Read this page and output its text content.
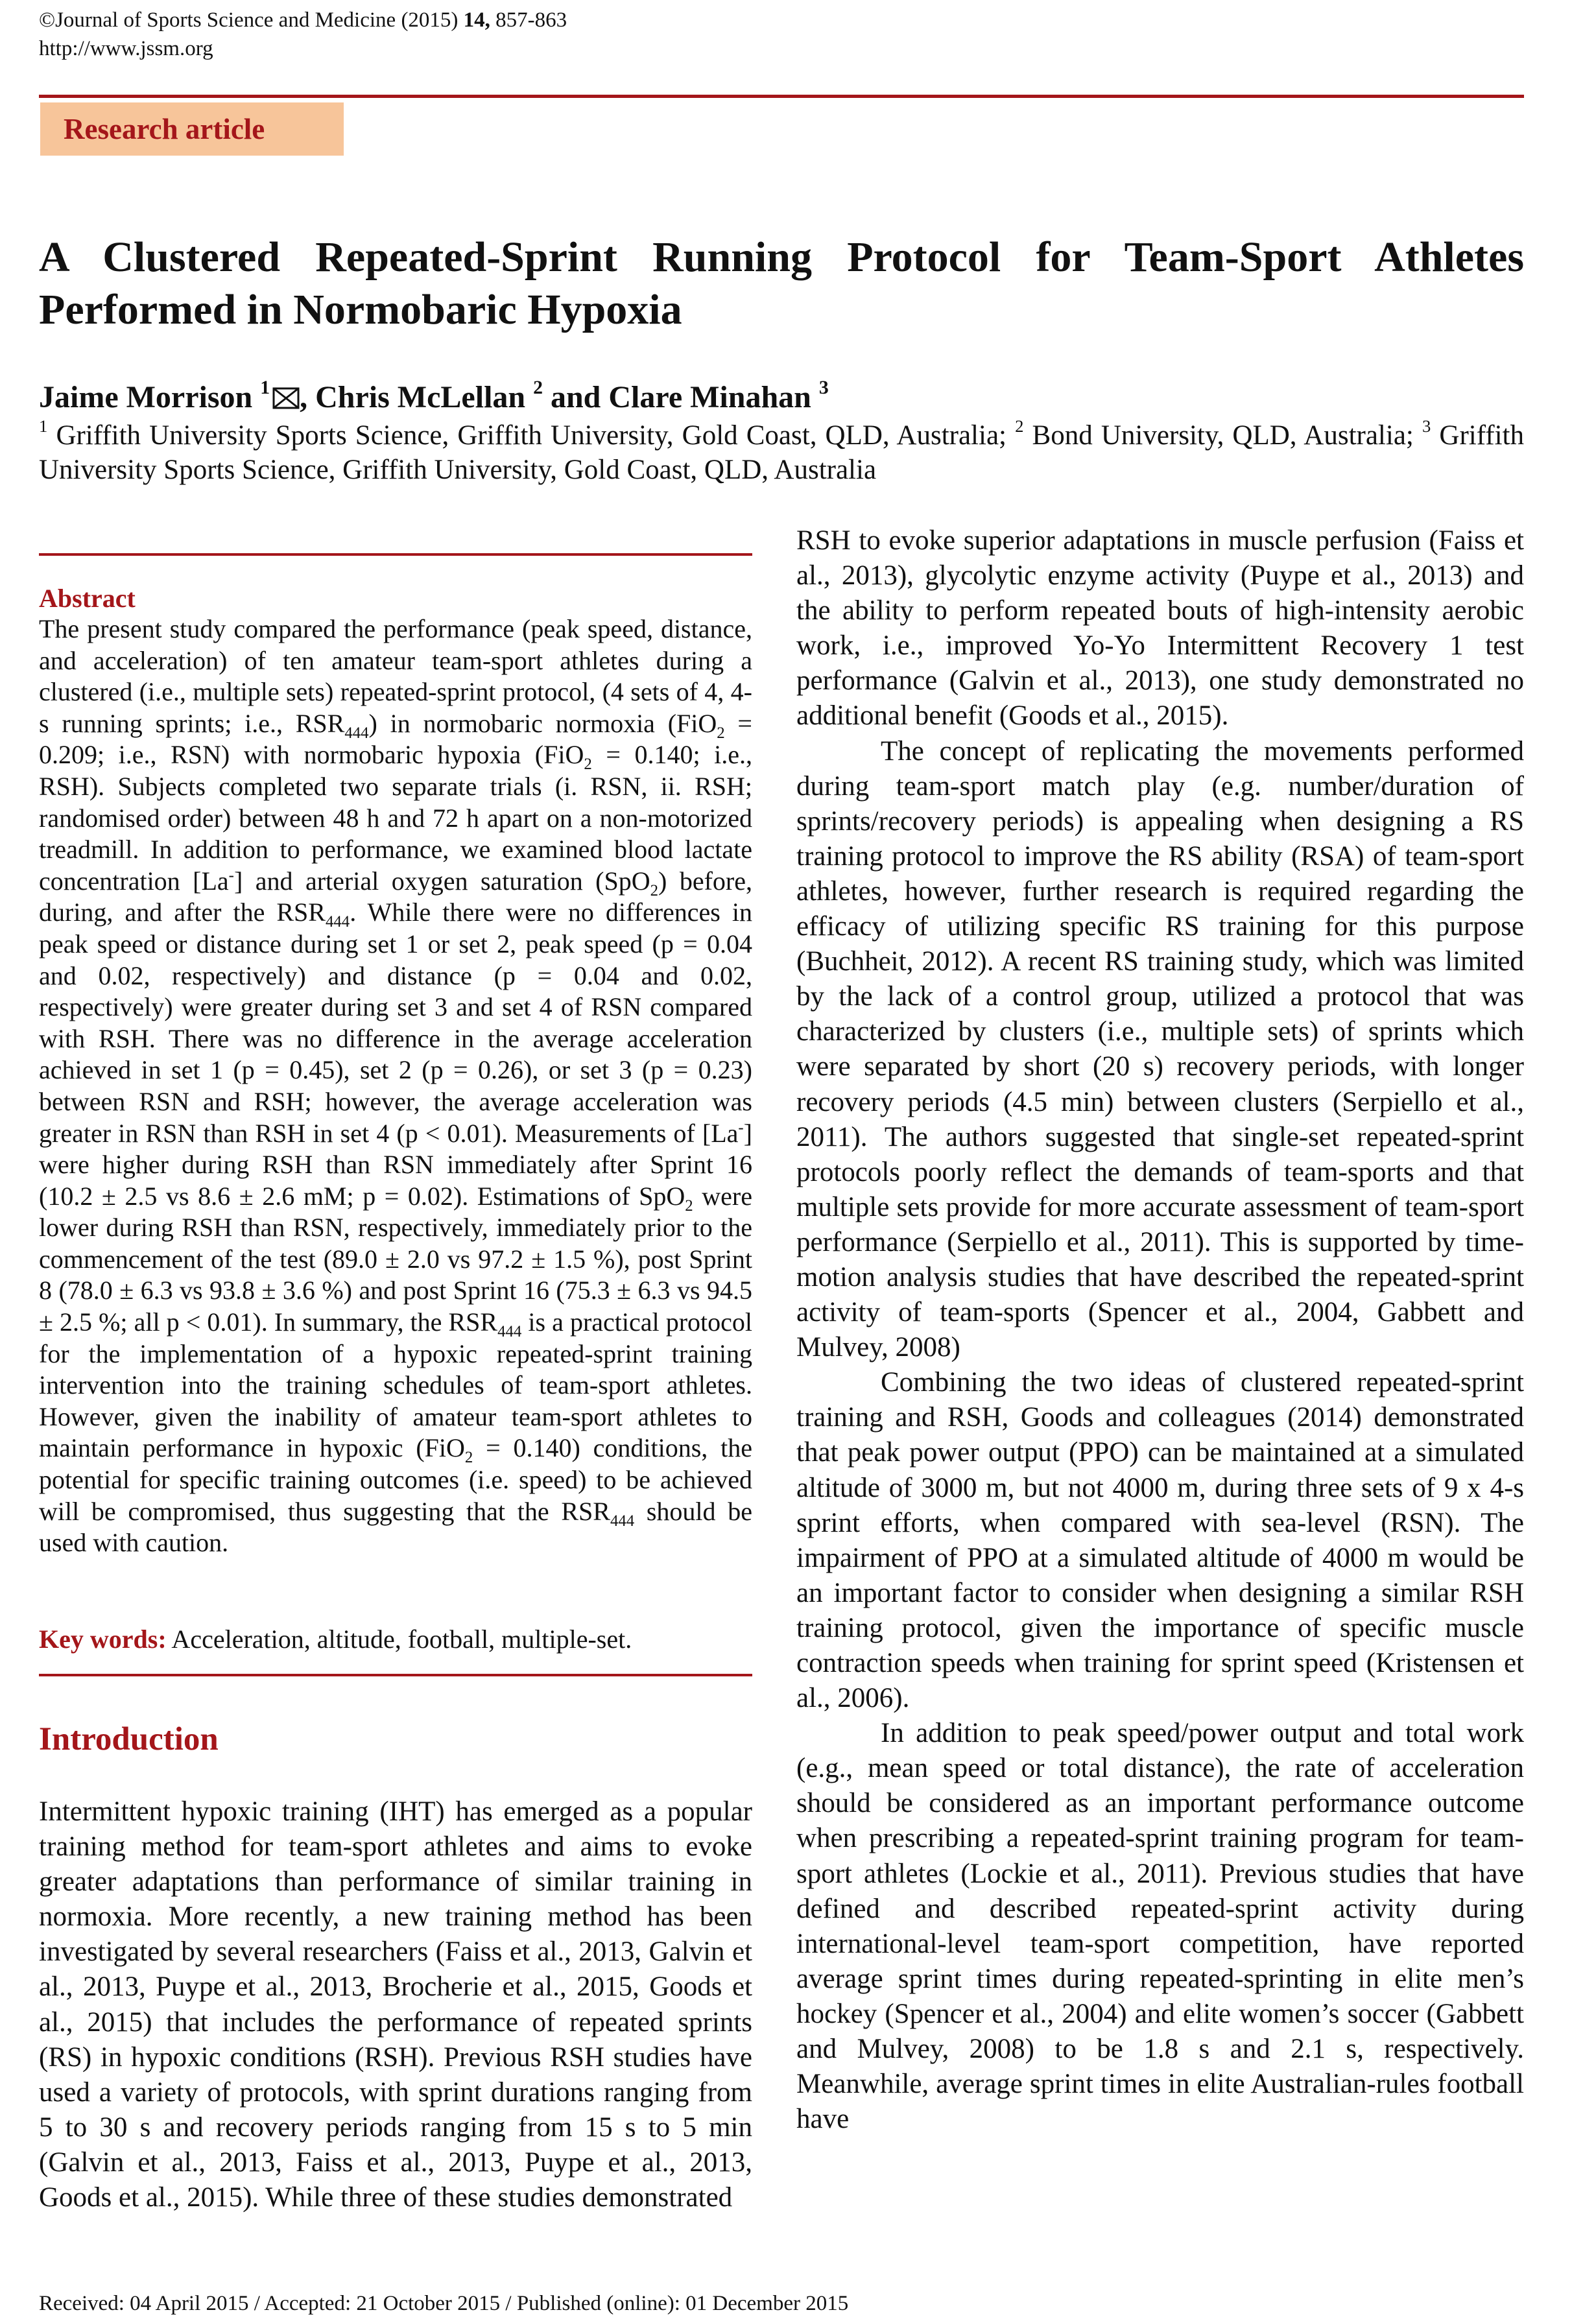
©Journal of Sports Science and Medicine (2015) 14, 857-863
http://www.jssm.org
Research article
A Clustered Repeated-Sprint Running Protocol for Team-Sport Athletes Performed in Normobaric Hypoxia
Jaime Morrison $^1$ , Chris McLellan $^2$ and Clare Minahan $^3$
$^1$ Griffith University Sports Science, Griffith University, Gold Coast, QLD, Australia; $^2$ Bond University, QLD, Australia; $^3$ Griffith University Sports Science, Griffith University, Gold Coast, QLD, Australia
Abstract
The present study compared the performance (peak speed, distance, and acceleration) of ten amateur team-sport athletes during a clustered (i.e., multiple sets) repeated-sprint protocol, (4 sets of 4, 4-s running sprints; i.e., $RSR_{444}$) in normobaric normoxia (FiO$_2$ = 0.209; i.e., RSN) with normobaric hypoxia (FiO$_2$ = 0.140; i.e., RSH). Subjects completed two separate trials (i. RSN, ii. RSH; randomised order) between 48 h and 72 h apart on a non-motorized treadmill. In addition to performance, we examined blood lactate concentration [La-] and arterial oxygen saturation (SpO$_2$) before, during, and after the $RSR_{444}$. While there were no differences in peak speed or distance during set 1 or set 2, peak speed (p = 0.04 and 0.02, respectively) and distance (p = 0.04 and 0.02, respectively) were greater during set 3 and set 4 of RSN compared with RSH. There was no difference in the average acceleration achieved in set 1 (p = 0.45), set 2 (p = 0.26), or set 3 (p = 0.23) between RSN and RSH; however, the average acceleration was greater in RSN than RSH in set 4 (p < 0.01). Measurements of [La-] were higher during RSH than RSN immediately after Sprint 16 (10.2 ± 2.5 vs 8.6 ± 2.6 mM; p = 0.02). Estimations of SpO$_2$ were lower during RSH than RSN, respectively, immediately prior to the commencement of the test (89.0 ± 2.0 vs 97.2 ± 1.5 %), post Sprint 8 (78.0 ± 6.3 vs 93.8 ± 3.6 %) and post Sprint 16 (75.3 ± 6.3 vs 94.5 ± 2.5 %; all p < 0.01). In summary, the $RSR_{444}$ is a practical protocol for the implementation of a hypoxic repeated-sprint training intervention into the training schedules of team-sport athletes. However, given the inability of amateur team-sport athletes to maintain performance in hypoxic (FiO$_2$ = 0.140) conditions, the potential for specific training outcomes (i.e. speed) to be achieved will be compromised, thus suggesting that the $RSR_{444}$ should be used with caution.
Key words: Acceleration, altitude, football, multiple-set.
Introduction
Intermittent hypoxic training (IHT) has emerged as a popular training method for team-sport athletes and aims to evoke greater adaptations than performance of similar training in normoxia. More recently, a new training method has been investigated by several researchers (Faiss et al., 2013, Galvin et al., 2013, Puype et al., 2013, Brocherie et al., 2015, Goods et al., 2015) that includes the performance of repeated sprints (RS) in hypoxic conditions (RSH). Previous RSH studies have used a variety of protocols, with sprint durations ranging from 5 to 30 s and recovery periods ranging from 15 s to 5 min (Galvin et al., 2013, Faiss et al., 2013, Puype et al., 2013, Goods et al., 2015). While three of these studies demonstrated

RSH to evoke superior adaptations in muscle perfusion (Faiss et al., 2013), glycolytic enzyme activity (Puype et al., 2013) and the ability to perform repeated bouts of high-intensity aerobic work, i.e., improved Yo-Yo Intermittent Recovery 1 test performance (Galvin et al., 2013), one study demonstrated no additional benefit (Goods et al., 2015).

The concept of replicating the movements performed during team-sport match play (e.g. number/duration of sprints/recovery periods) is appealing when designing a RS training protocol to improve the RS ability (RSA) of team-sport athletes, however, further research is required regarding the efficacy of utilizing specific RS training for this purpose (Buchheit, 2012). A recent RS training study, which was limited by the lack of a control group, utilized a protocol that was characterized by clusters (i.e., multiple sets) of sprints which were separated by short (20 s) recovery periods, with longer recovery periods (4.5 min) between clusters (Serpiello et al., 2011). The authors suggested that single-set repeated-sprint protocols poorly reflect the demands of team-sports and that multiple sets provide for more accurate assessment of team-sport performance (Serpiello et al., 2011). This is supported by time-motion analysis studies that have described the repeated-sprint activity of team-sports (Spencer et al., 2004, Gabbett and Mulvey, 2008)

Combining the two ideas of clustered repeated-sprint training and RSH, Goods and colleagues (2014) demonstrated that peak power output (PPO) can be maintained at a simulated altitude of 3000 m, but not 4000 m, during three sets of 9 x 4-s sprint efforts, when compared with sea-level (RSN). The impairment of PPO at a simulated altitude of 4000 m would be an important factor to consider when designing a similar RSH training protocol, given the importance of specific muscle contraction speeds when training for sprint speed (Kristensen et al., 2006).

In addition to peak speed/power output and total work (e.g., mean speed or total distance), the rate of acceleration should be considered as an important performance outcome when prescribing a repeated-sprint training program for team-sport athletes (Lockie et al., 2011). Previous studies that have defined and described repeated-sprint activity during international-level team-sport competition, have reported average sprint times during repeated-sprinting in elite men’s hockey (Spencer et al., 2004) and elite women’s soccer (Gabbett and Mulvey, 2008) to be 1.8 s and 2.1 s, respectively. Meanwhile, average sprint times in elite Australian-rules football have

Received: 04 April 2015 / Accepted: 21 October 2015 / Published (online): 01 December 2015
